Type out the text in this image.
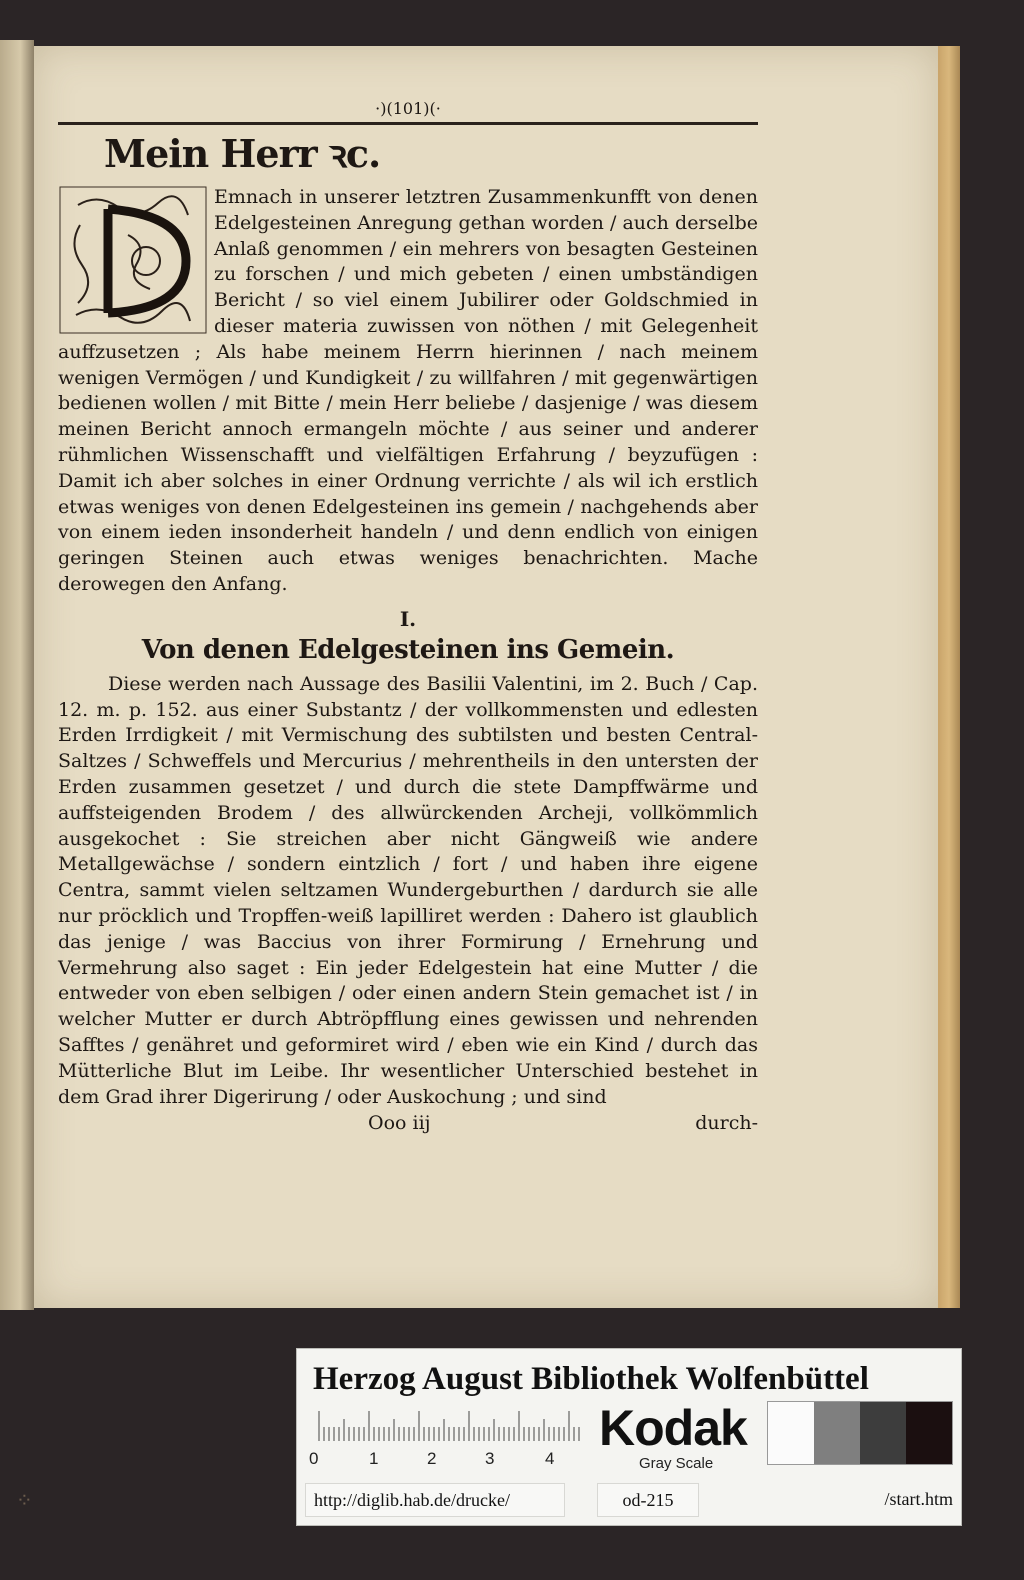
·)(101)(·
Mein Herr ꝛc.
Emnach in unserer letztren Zusammenkunfft von denen Edelgesteinen Anregung gethan worden / auch derselbe Anlaß genommen / ein mehrers von besagten Gesteinen zu forschen / und mich gebeten / einen umbständigen Bericht / so viel einem Jubilirer oder Goldschmied in dieser materia zuwissen von nöthen / mit Gelegenheit auffzusetzen ; Als habe meinem Herrn hierinnen / nach meinem wenigen Vermögen / und Kundigkeit / zu willfahren / mit gegenwärtigen bedienen wollen / mit Bitte / mein Herr beliebe / dasjenige / was diesem meinen Bericht annoch ermangeln möchte / aus seiner und anderer rühmlichen Wissenschafft und vielfältigen Erfahrung / beyzufügen : Damit ich aber solches in einer Ordnung verrichte / als wil ich erstlich etwas weniges von denen Edelgesteinen ins gemein / nachgehends aber von einem ieden insonderheit handeln / und denn endlich von einigen geringen Steinen auch etwas weniges benachrichten. Mache derowegen den Anfang.
I.
Von denen Edelgesteinen ins Gemein.
Diese werden nach Aussage des Basilii Valentini, im 2. Buch / Cap. 12. m. p. 152. aus einer Substantz / der vollkommensten und edlesten Erden Irrdigkeit / mit Vermischung des subtilsten und besten Central-Saltzes / Schweffels und Mercurius / mehrentheils in den untersten der Erden zusammen gesetzet / und durch die stete Dampffwärme und auffsteigenden Brodem / des allwürckenden Archeji, vollkömmlich ausgekochet : Sie streichen aber nicht Gängweiß wie andere Metallgewächse / sondern eintzlich / fort / und haben ihre eigene Centra, sammt vielen seltzamen Wundergeburthen / dardurch sie alle nur pröcklich und Tropffen-weiß lapilliret werden : Dahero ist glaublich das jenige / was Baccius von ihrer Formirung / Ernehrung und Vermehrung also saget : Ein jeder Edelgestein hat eine Mutter / die entweder von eben selbigen / oder einen andern Stein gemachet ist / in welcher Mutter er durch Abtröpfflung eines gewissen und nehrenden Safftes / genähret und geformiret wird / eben wie ein Kind / durch das Mütterliche Blut im Leibe. Ihr wesentlicher Unterschied bestehet in dem Grad ihrer Digerirung / oder Auskochung ; und sind
Ooo iij	durch-
⁘
Herzog August Bibliothek Wolfenbüttel
0	1	2	3	4
Kodak
Gray Scale
http://diglib.hab.de/drucke/	od-215	/start.htm
